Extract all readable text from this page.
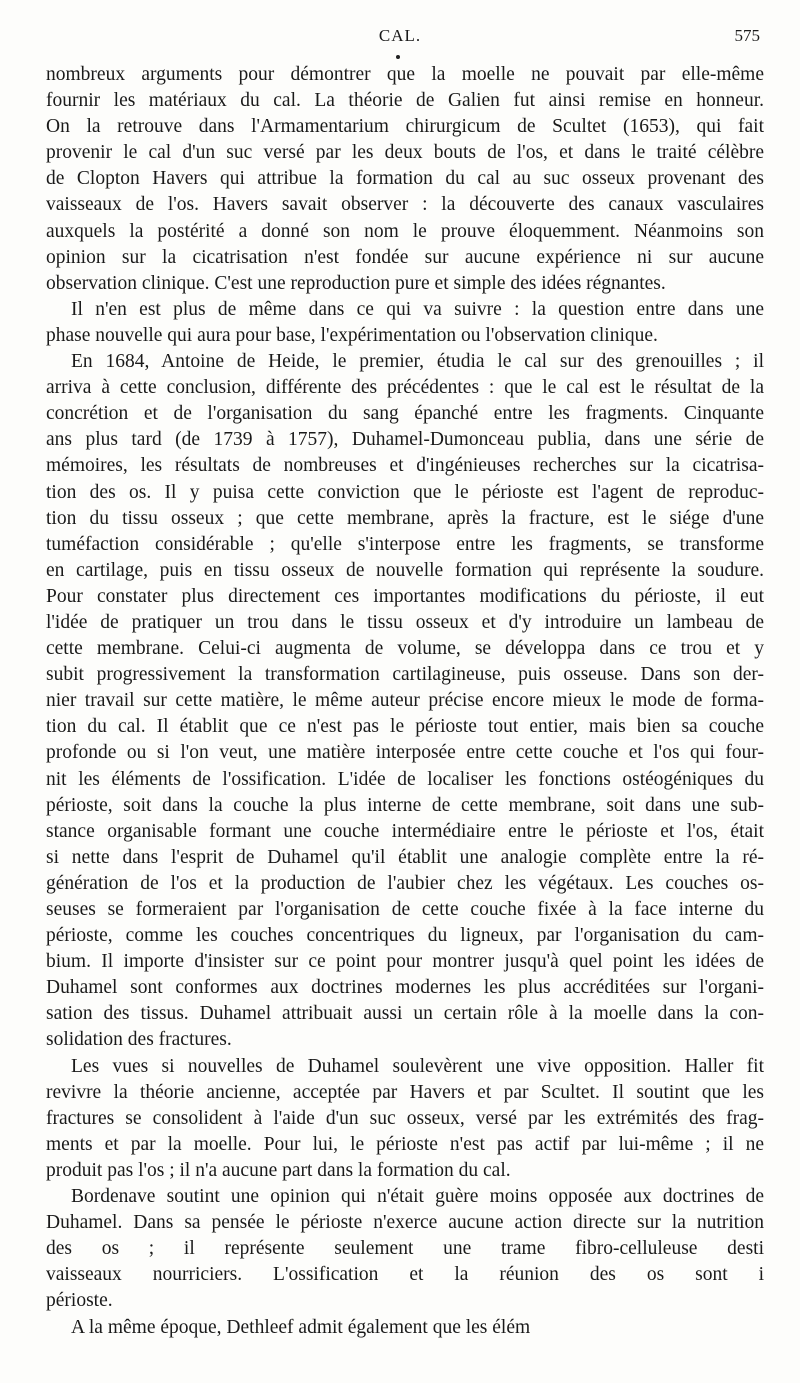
CAL.	575

nombreux arguments pour démontrer que la moelle ne pouvait par elle-même
fournir les matériaux du cal. La théorie de Galien fut ainsi remise en honneur.
On la retrouve dans l'Armamentarium chirurgicum de Scultet (1653), qui fait
provenir le cal d'un suc versé par les deux bouts de l'os, et dans le traité célèbre
de Clopton Havers qui attribue la formation du cal au suc osseux provenant des
vaisseaux de l'os. Havers savait observer : la découverte des canaux vasculaires
auxquels la postérité a donné son nom le prouve éloquemment. Néanmoins son
opinion sur la cicatrisation n'est fondée sur aucune expérience ni sur aucune
observation clinique. C'est une reproduction pure et simple des idées régnantes.

Il n'en est plus de même dans ce qui va suivre : la question entre dans une
phase nouvelle qui aura pour base, l'expérimentation ou l'observation clinique.

En 1684, Antoine de Heide, le premier, étudia le cal sur des grenouilles ; il
arriva à cette conclusion, différente des précédentes : que le cal est le résultat de la
concrétion et de l'organisation du sang épanché entre les fragments. Cinquante
ans plus tard (de 1739 à 1757), Duhamel-Dumonceau publia, dans une série de
mémoires, les résultats de nombreuses et d'ingénieuses recherches sur la cicatrisa-
tion des os. Il y puisa cette conviction que le périoste est l'agent de reproduc-
tion du tissu osseux ; que cette membrane, après la fracture, est le siége d'une
tuméfaction considérable ; qu'elle s'interpose entre les fragments, se transforme
en cartilage, puis en tissu osseux de nouvelle formation qui représente la soudure.
Pour constater plus directement ces importantes modifications du périoste, il eut
l'idée de pratiquer un trou dans le tissu osseux et d'y introduire un lambeau de
cette membrane. Celui-ci augmenta de volume, se développa dans ce trou et y
subit progressivement la transformation cartilagineuse, puis osseuse. Dans son der-
nier travail sur cette matière, le même auteur précise encore mieux le mode de forma-
tion du cal. Il établit que ce n'est pas le périoste tout entier, mais bien sa couche
profonde ou si l'on veut, une matière interposée entre cette couche et l'os qui four-
nit les éléments de l'ossification. L'idée de localiser les fonctions ostéogéniques du
périoste, soit dans la couche la plus interne de cette membrane, soit dans une sub-
stance organisable formant une couche intermédiaire entre le périoste et l'os, était
si nette dans l'esprit de Duhamel qu'il établit une analogie complète entre la ré-
génération de l'os et la production de l'aubier chez les végétaux. Les couches os-
seuses se formeraient par l'organisation de cette couche fixée à la face interne du
périoste, comme les couches concentriques du ligneux, par l'organisation du cam-
bium. Il importe d'insister sur ce point pour montrer jusqu'à quel point les idées de
Duhamel sont conformes aux doctrines modernes les plus accréditées sur l'organi-
sation des tissus. Duhamel attribuait aussi un certain rôle à la moelle dans la con-
solidation des fractures.

Les vues si nouvelles de Duhamel soulevèrent une vive opposition. Haller fit
revivre la théorie ancienne, acceptée par Havers et par Scultet. Il soutint que les
fractures se consolident à l'aide d'un suc osseux, versé par les extrémités des frag-
ments et par la moelle. Pour lui, le périoste n'est pas actif par lui-même ; il ne
produit pas l'os ; il n'a aucune part dans la formation du cal.

Bordenave soutint une opinion qui n'était guère moins opposée aux doctrines de
Duhamel. Dans sa pensée le périoste n'exerce aucune action directe sur la nutrition
des os ; il représente seulement une trame fibro-celluleuse desti
vaisseaux nourriciers. L'ossification et la réunion des os sont i
périoste.

A la même époque, Dethleef admit également que les élém
